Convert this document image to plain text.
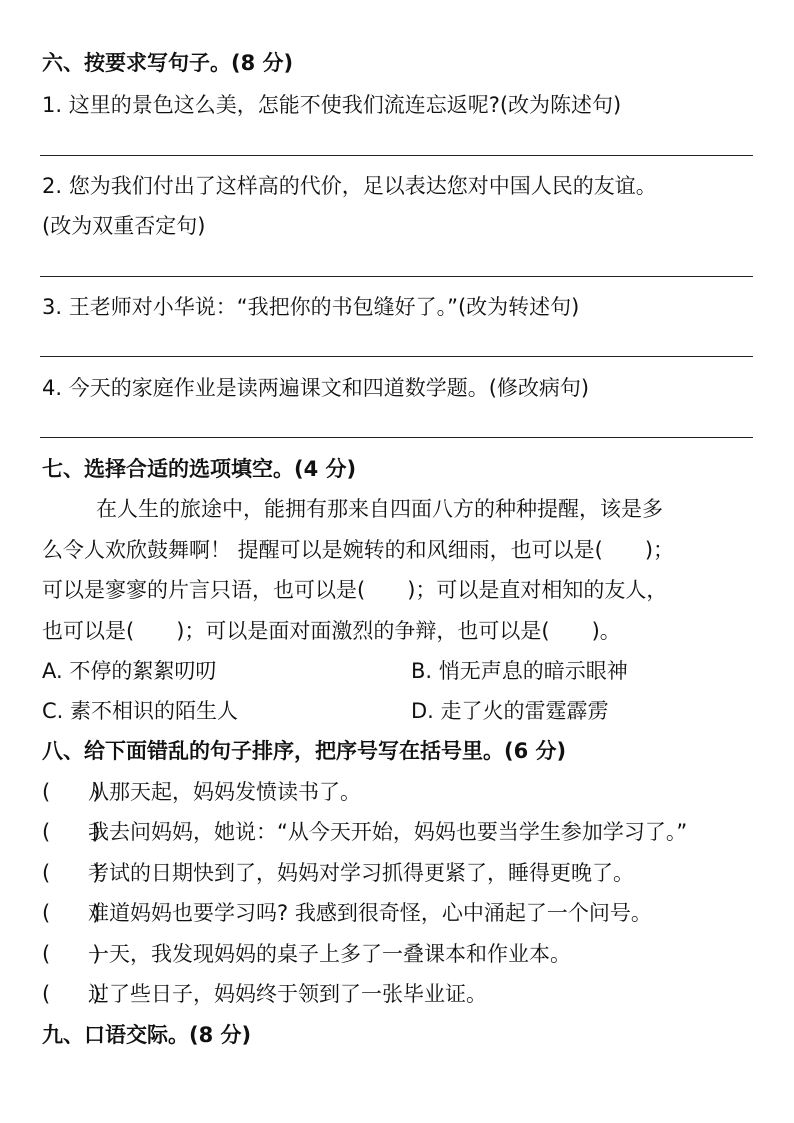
六、按要求写句子。(8 分)

1. 这里的景色这么美，怎能不使我们流连忘返呢?(改为陈述句)

2. 您为我们付出了这样高的代价，足以表达您对中国人民的友谊。

(改为双重否定句)

3. 王老师对小华说：“我把你的书包缝好了。”(改为转述句)

4. 今天的家庭作业是读两遍课文和四道数学题。(修改病句)

七、选择合适的选项填空。(4 分)

在人生的旅途中，能拥有那来自四面八方的种种提醒，该是多

么令人欢欣鼓舞啊！ 提醒可以是婉转的和风细雨，也可以是(　　)；

可以是寥寥的片言只语，也可以是(　　)；可以是直对相知的友人，

也可以是(　　)；可以是面对面激烈的争辩，也可以是(　　)。

A. 不停的絮絮叨叨	B. 悄无声息的暗示眼神

C. 素不相识的陌生人	D. 走了火的雷霆霹雳

八、给下面错乱的句子排序，把序号写在括号里。(6 分)

(　　)从那天起，妈妈发愤读书了。

(　　)我去问妈妈，她说：“从今天开始，妈妈也要当学生参加学习了。”

(　　)考试的日期快到了，妈妈对学习抓得更紧了，睡得更晚了。

(　　)难道妈妈也要学习吗? 我感到很奇怪，心中涌起了一个问号。

(　　)一天，我发现妈妈的桌子上多了一叠课本和作业本。

(　　)过了些日子，妈妈终于领到了一张毕业证。

九、口语交际。(8 分)
